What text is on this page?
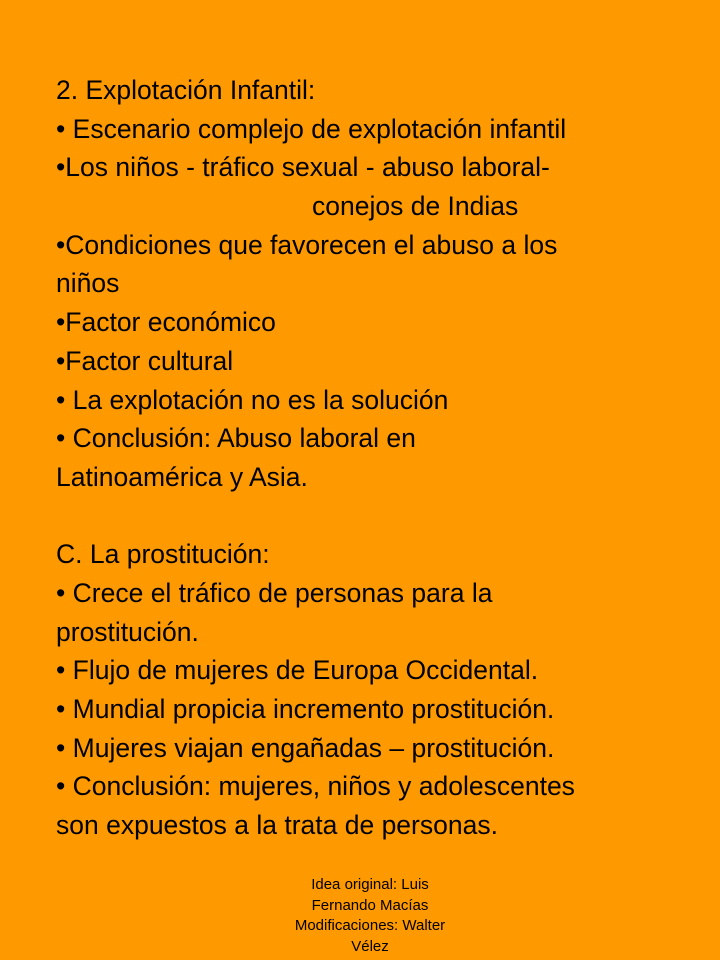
2. Explotación Infantil:
• Escenario complejo de explotación infantil
•Los niños - tráfico sexual - abuso laboral-
conejos de Indias
•Condiciones que favorecen el abuso a los
niños
•Factor económico
•Factor cultural
• La explotación no es la solución
• Conclusión: Abuso laboral en
Latinoamérica y Asia.
C. La prostitución:
• Crece el tráfico de personas para la
prostitución.
• Flujo de mujeres de Europa Occidental.
• Mundial propicia incremento prostitución.
• Mujeres viajan engañadas – prostitución.
• Conclusión: mujeres, niños y adolescentes
son expuestos a la trata de personas.
Idea original: Luis
Fernando Macías
Modificaciones: Walter
Vélez
